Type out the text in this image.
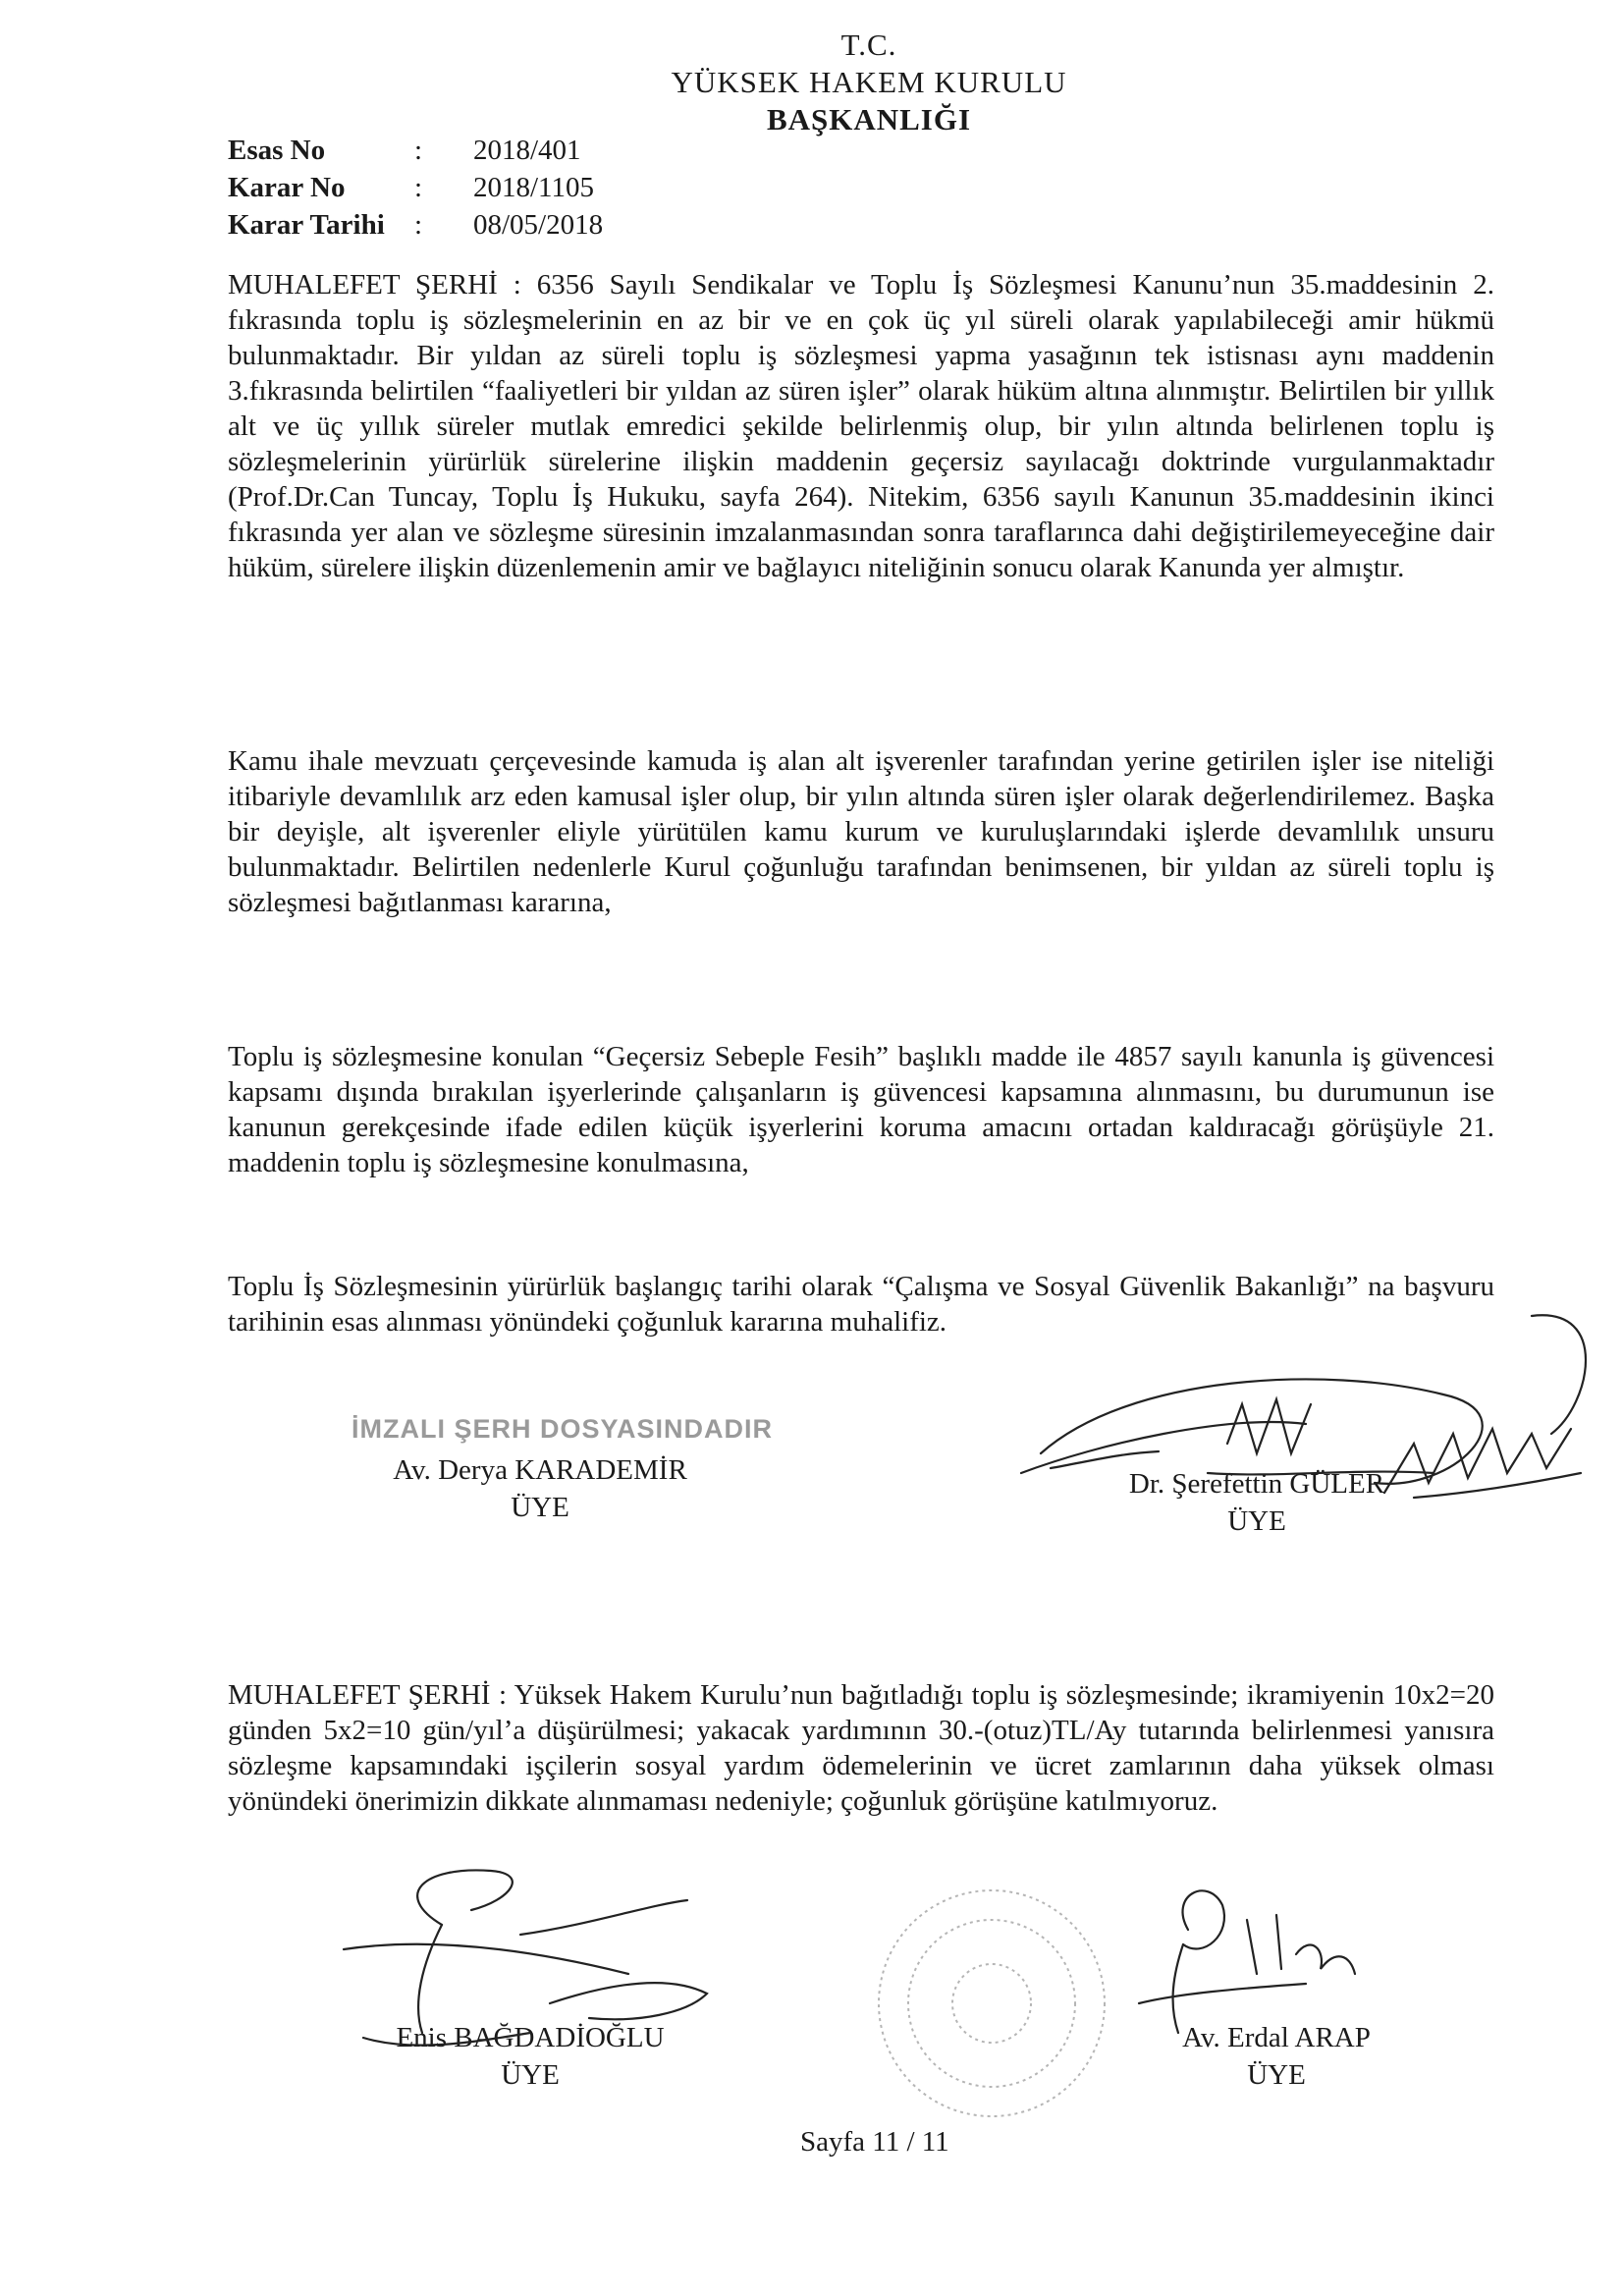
T.C.
YÜKSEK HAKEM KURULU
BAŞKANLIĞI
Esas No	:	2018/401
Karar No	:	2018/1105
Karar Tarihi	:	08/05/2018
MUHALEFET ŞERHİ : 6356 Sayılı Sendikalar ve Toplu İş Sözleşmesi Kanunu’nun 35.maddesinin 2. fıkrasında toplu iş sözleşmelerinin en az bir ve en çok üç yıl süreli olarak yapılabileceği amir hükmü bulunmaktadır. Bir yıldan az süreli toplu iş sözleşmesi yapma yasağının tek istisnası aynı maddenin 3.fıkrasında belirtilen “faaliyetleri bir yıldan az süren işler” olarak hüküm altına alınmıştır. Belirtilen bir yıllık alt ve üç yıllık süreler mutlak emredici şekilde belirlenmiş olup, bir yılın altında belirlenen toplu iş sözleşmelerinin yürürlük sürelerine ilişkin maddenin geçersiz sayılacağı doktrinde vurgulanmaktadır (Prof.Dr.Can Tuncay, Toplu İş Hukuku, sayfa 264). Nitekim, 6356 sayılı Kanunun 35.maddesinin ikinci fıkrasında yer alan ve sözleşme süresinin imzalanmasından sonra taraflarınca dahi değiştirilemeyeceğine dair hüküm, sürelere ilişkin düzenlemenin amir ve bağlayıcı niteliğinin sonucu olarak Kanunda yer almıştır.
Kamu ihale mevzuatı çerçevesinde kamuda iş alan alt işverenler tarafından yerine getirilen işler ise niteliği itibariyle devamlılık arz eden kamusal işler olup, bir yılın altında süren işler olarak değerlendirilemez. Başka bir deyişle, alt işverenler eliyle yürütülen kamu kurum ve kuruluşlarındaki işlerde devamlılık unsuru bulunmaktadır. Belirtilen nedenlerle Kurul çoğunluğu tarafından benimsenen, bir yıldan az süreli toplu iş sözleşmesi bağıtlanması kararına,
Toplu iş sözleşmesine konulan “Geçersiz Sebeple Fesih” başlıklı madde ile 4857 sayılı kanunla iş güvencesi kapsamı dışında bırakılan işyerlerinde çalışanların iş güvencesi kapsamına alınmasını, bu durumunun ise kanunun gerekçesinde ifade edilen küçük işyerlerini koruma amacını ortadan kaldıracağı görüşüyle 21. maddenin toplu iş sözleşmesine konulmasına,
Toplu İş Sözleşmesinin yürürlük başlangıç tarihi olarak “Çalışma ve Sosyal Güvenlik Bakanlığı” na başvuru tarihinin esas alınması yönündeki çoğunluk kararına muhalifiz.
İMZALI ŞERH DOSYASINDADIR
Av. Derya KARADEMİR
ÜYE
Dr. Şerefettin GÜLER
ÜYE
MUHALEFET ŞERHİ : Yüksek Hakem Kurulu’nun bağıtladığı toplu iş sözleşmesinde; ikramiyenin 10x2=20 günden 5x2=10 gün/yıl’a düşürülmesi; yakacak yardımının 30.-(otuz)TL/Ay tutarında belirlenmesi yanısıra sözleşme kapsamındaki işçilerin sosyal yardım ödemelerinin ve ücret zamlarının daha yüksek olması yönündeki önerimizin dikkate alınmaması nedeniyle; çoğunluk görüşüne katılmıyoruz.
Enis BAĞDADİOĞLU
ÜYE
Av. Erdal ARAP
ÜYE
Sayfa 11 / 11
